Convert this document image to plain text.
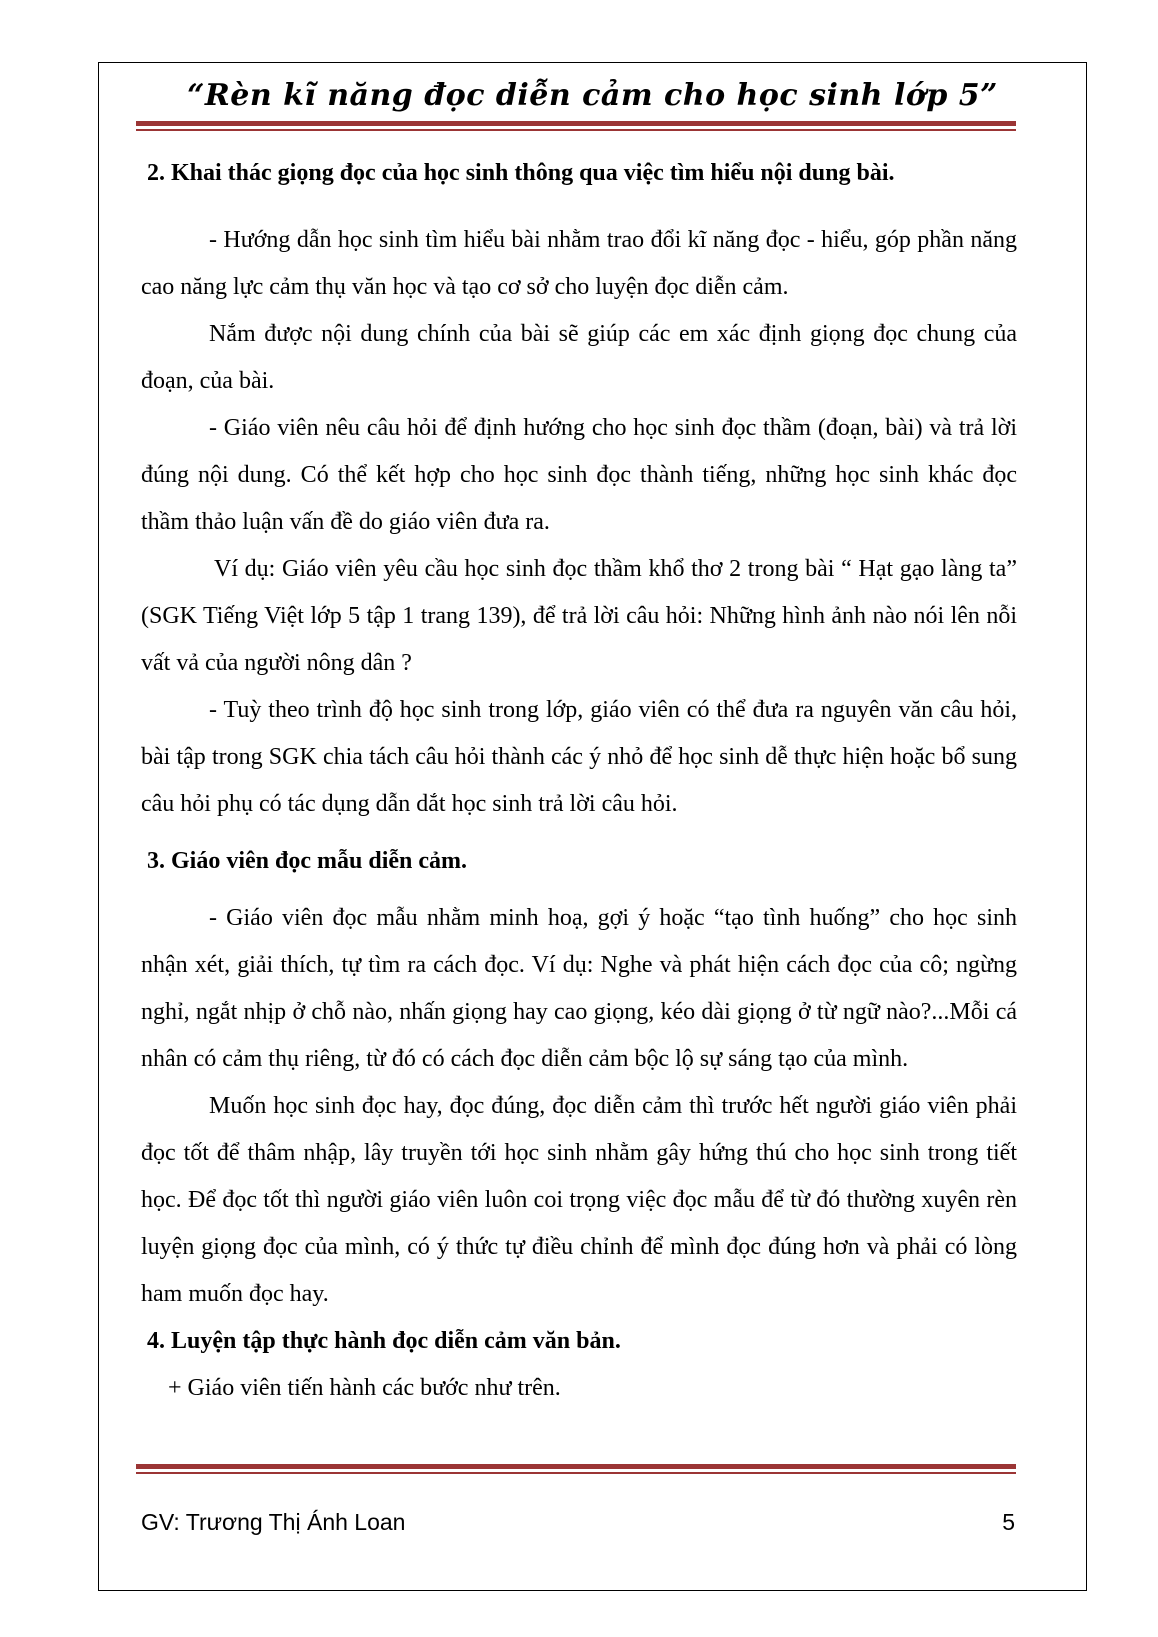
“Rèn kĩ năng đọc diễn cảm cho học sinh lớp 5”
2. Khai thác giọng đọc của học sinh thông qua việc tìm hiểu nội dung bài.

- Hướng dẫn học sinh tìm hiểu bài nhằm trao đổi kĩ năng đọc - hiểu, góp phần năng cao năng lực cảm thụ văn học và tạo cơ sở cho luyện đọc diễn cảm.

Nắm được nội dung chính của bài sẽ giúp các em xác định giọng đọc chung của đoạn, của bài.

- Giáo viên nêu câu hỏi để định hướng cho học sinh đọc thầm (đoạn, bài) và trả lời đúng nội dung. Có thể kết hợp cho học sinh đọc thành tiếng, những học sinh khác đọc thầm thảo luận vấn đề do giáo viên đưa ra.

Ví dụ: Giáo viên yêu cầu học sinh đọc thầm khổ thơ 2 trong bài “ Hạt gạo làng ta” (SGK Tiếng Việt lớp 5 tập 1 trang 139), để trả lời câu hỏi: Những hình ảnh nào nói lên nỗi vất vả của người nông dân ?

- Tuỳ theo trình độ học sinh trong lớp, giáo viên có thể đưa ra nguyên văn câu hỏi, bài tập trong SGK chia tách câu hỏi thành các ý nhỏ để học sinh dễ thực hiện hoặc bổ sung câu hỏi phụ có tác dụng dẫn dắt học sinh trả lời câu hỏi.

3. Giáo viên đọc mẫu diễn cảm.

- Giáo viên đọc mẫu nhằm minh hoạ, gợi ý hoặc “tạo tình huống” cho học sinh nhận xét, giải thích, tự tìm ra cách đọc. Ví dụ: Nghe và phát hiện cách đọc của cô; ngừng nghỉ, ngắt nhịp ở chỗ nào, nhấn giọng hay cao giọng, kéo dài giọng ở từ ngữ nào?...Mỗi cá nhân có cảm thụ riêng, từ đó có cách đọc diễn cảm bộc lộ sự sáng tạo của mình.

Muốn học sinh đọc hay, đọc đúng, đọc diễn cảm thì trước hết người giáo viên phải đọc tốt để thâm nhập, lây truyền tới học sinh nhằm gây hứng thú cho học sinh trong tiết học. Để đọc tốt thì người giáo viên luôn coi trọng việc đọc mẫu để từ đó thường xuyên rèn luyện giọng đọc của mình, có ý thức tự điều chỉnh để mình đọc đúng hơn và phải có lòng ham muốn đọc hay.

4. Luyện tập thực hành đọc diễn cảm văn bản.
+ Giáo viên tiến hành các bước như trên.
GV: Trương Thị Ánh Loan	5
